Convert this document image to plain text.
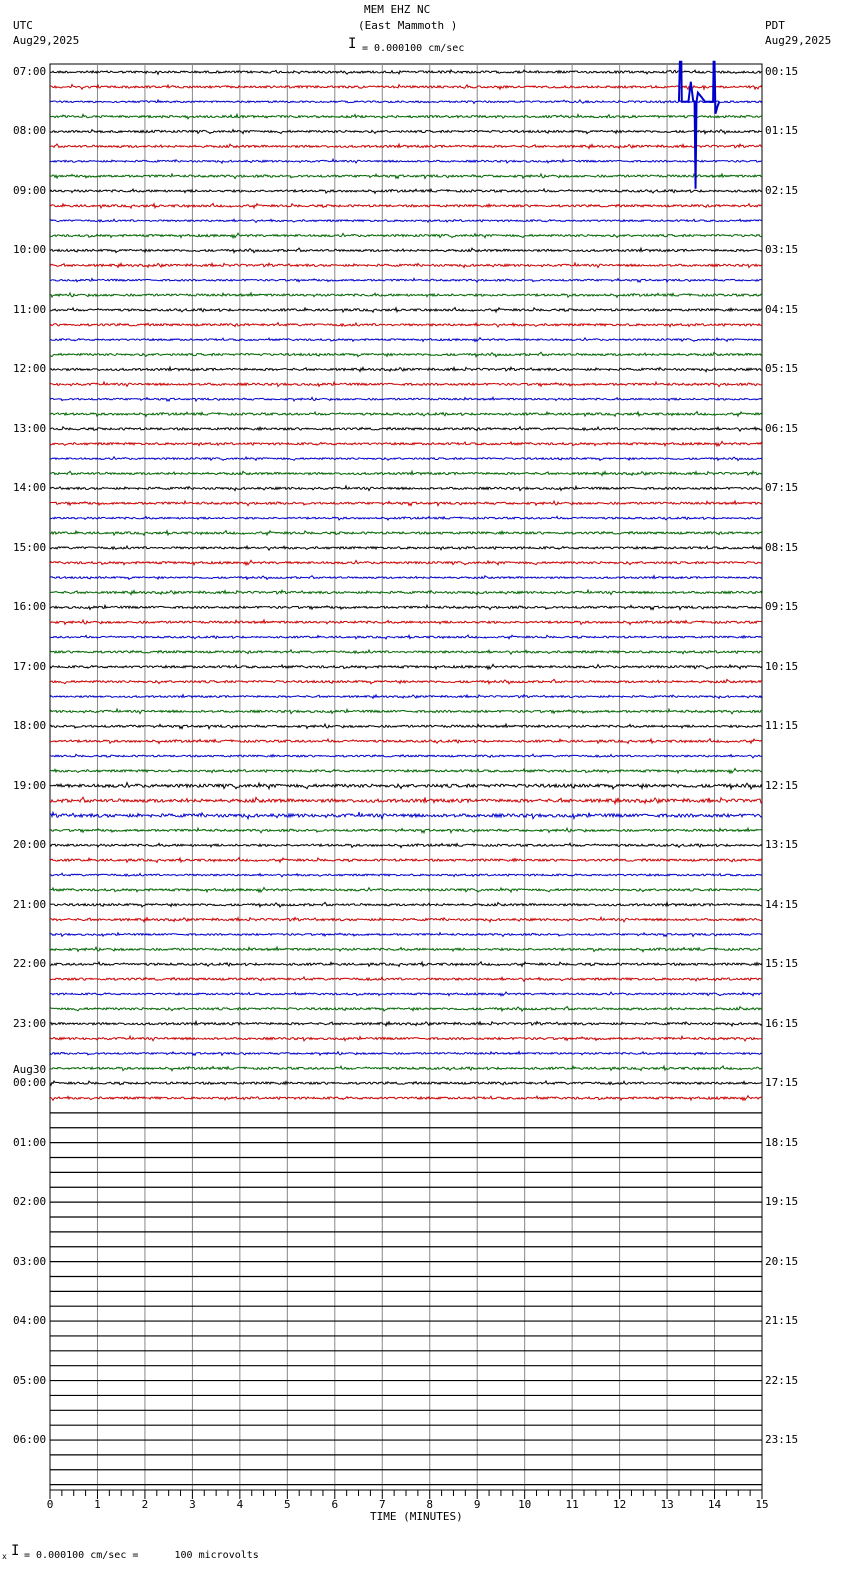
MEM EHZ NC
(East Mammoth )
UTC
Aug29,2025
PDT
Aug29,2025
I = 0.000100 cm/sec
0	1	2	3	4	5	6	7	8	9	10	11	12	13	14	15
07:00	00:15
08:00	01:15
09:00	02:15
10:00	03:15
11:00	04:15
12:00	05:15
13:00	06:15
14:00	07:15
15:00	08:15
16:00	09:15
17:00	10:15
18:00	11:15
19:00	12:15
20:00	13:15
21:00	14:15
22:00	15:15
23:00	16:15
00:00	17:15
Aug30
01:00	18:15
02:00	19:15
03:00	20:15
04:00	21:15
05:00	22:15
06:00	23:15
TIME (MINUTES)
x I = 0.000100 cm/sec =      100 microvolts
